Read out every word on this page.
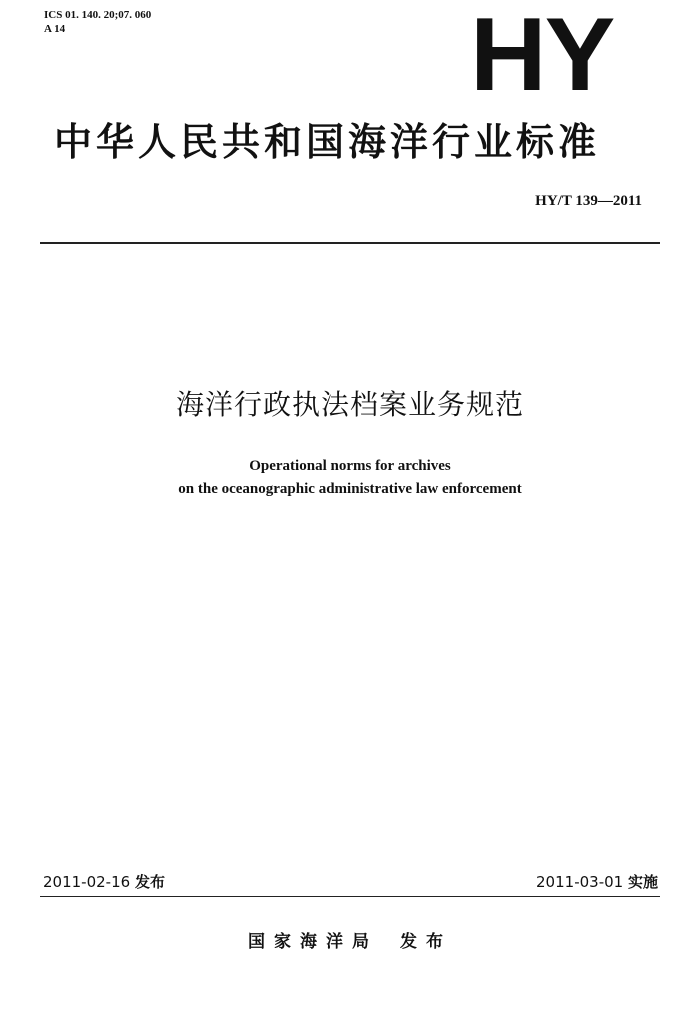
ICS 01. 140. 20;07. 060
A 14	HY
中华人民共和国海洋行业标准
HY/T 139—2011
海洋行政执法档案业务规范
Operational norms for archives
on the oceanographic administrative law enforcement
2011-02-16 发布	2011-03-01 实施
国家海洋局 发布
